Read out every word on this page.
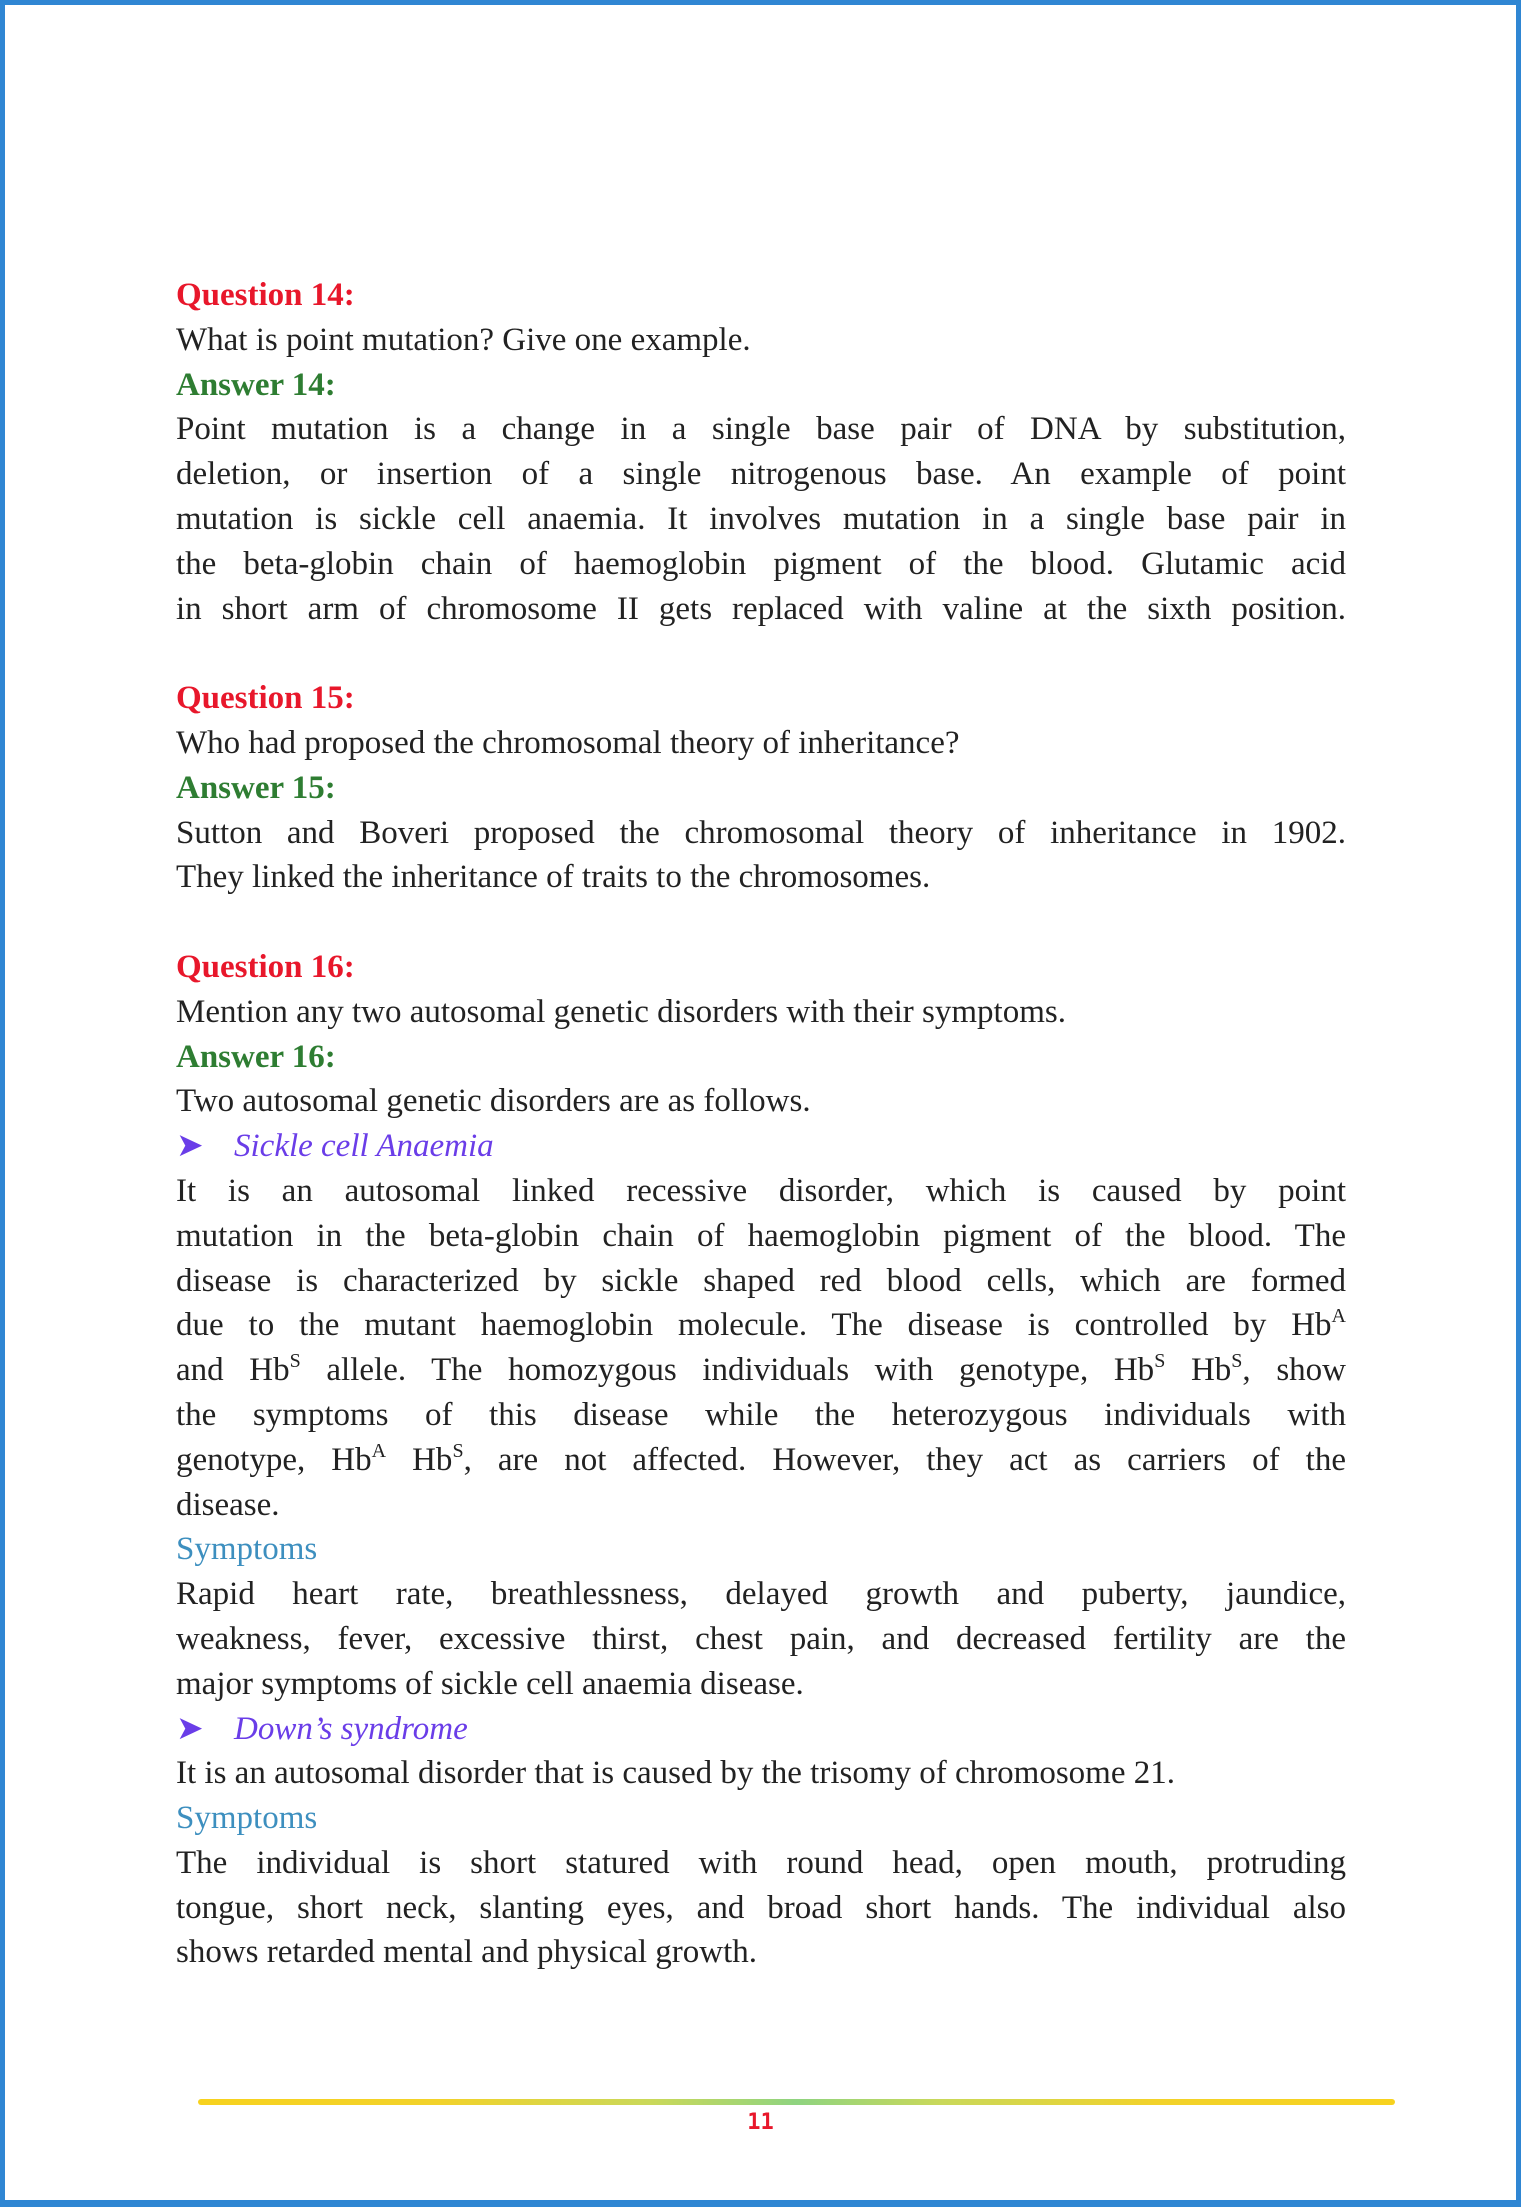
Question 14:
What is point mutation? Give one example.
Answer 14:
Point mutation is a change in a single base pair of DNA by substitution,
deletion, or insertion of a single nitrogenous base. An example of point
mutation is sickle cell anaemia. It involves mutation in a single base pair in
the beta-globin chain of haemoglobin pigment of the blood. Glutamic acid
in short arm of chromosome II gets replaced with valine at the sixth position.
Question 15:
Who had proposed the chromosomal theory of inheritance?
Answer 15:
Sutton and Boveri proposed the chromosomal theory of inheritance in 1902.
They linked the inheritance of traits to the chromosomes.
Question 16:
Mention any two autosomal genetic disorders with their symptoms.
Answer 16:
Two autosomal genetic disorders are as follows.
➤ Sickle cell Anaemia
It is an autosomal linked recessive disorder, which is caused by point
mutation in the beta-globin chain of haemoglobin pigment of the blood. The
disease is characterized by sickle shaped red blood cells, which are formed
due to the mutant haemoglobin molecule. The disease is controlled by $Hb^A$
and $Hb^S$ allele. The homozygous individuals with genotype, $Hb^S$ $Hb^S$, show
the symptoms of this disease while the heterozygous individuals with
genotype, $Hb^A$ $Hb^S$, are not affected. However, they act as carriers of the
disease.
Symptoms
Rapid heart rate, breathlessness, delayed growth and puberty, jaundice,
weakness, fever, excessive thirst, chest pain, and decreased fertility are the
major symptoms of sickle cell anaemia disease.
➤ Down’s syndrome
It is an autosomal disorder that is caused by the trisomy of chromosome 21.
Symptoms
The individual is short statured with round head, open mouth, protruding
tongue, short neck, slanting eyes, and broad short hands. The individual also
shows retarded mental and physical growth.
11
